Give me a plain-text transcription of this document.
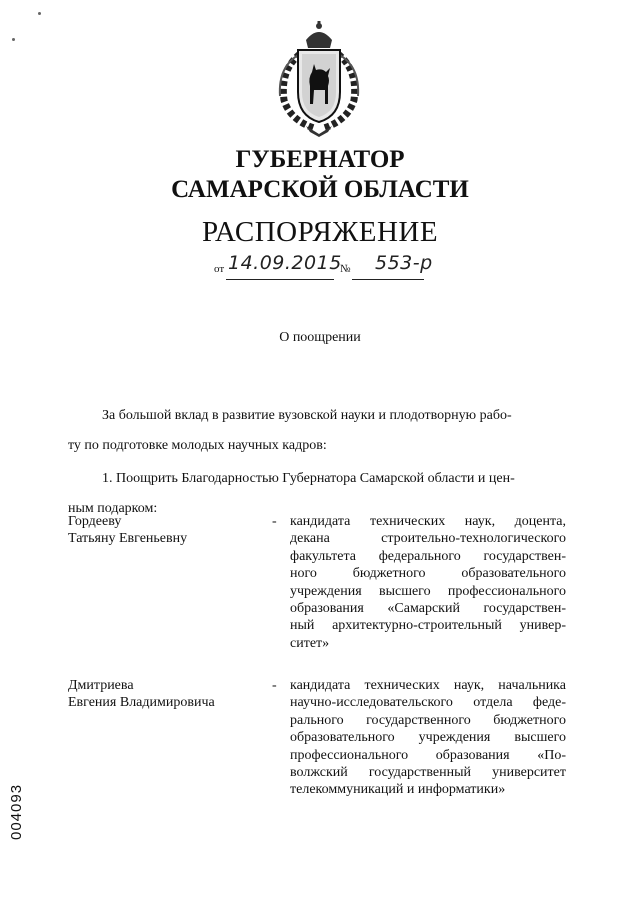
ГУБЕРНАТОР
САМАРСКОЙ ОБЛАСТИ
РАСПОРЯЖЕНИЕ
от 14.09.2015
№ 553-р
О поощрении
За большой вклад в развитие вузовской науки и плодотворную рабо-
ту по подготовке молодых научных кадров:
1. Поощрить Благодарностью Губернатора Самарской области и цен-
ным подарком:
Гордееву
Татьяну Евгеньевну
- кандидата технических наук, доцента,
декана строительно-технологического
факультета федерального государствен-
ного бюджетного образовательного
учреждения высшего профессионального
образования «Самарский государствен-
ный архитектурно-строительный универ-
ситет»
Дмитриева
Евгения Владимировича
- кандидата технических наук, начальника
научно-исследовательского отдела феде-
рального государственного бюджетного
образовательного учреждения высшего
профессионального образования «По-
волжский государственный университет
телекоммуникаций и информатики»
004093
